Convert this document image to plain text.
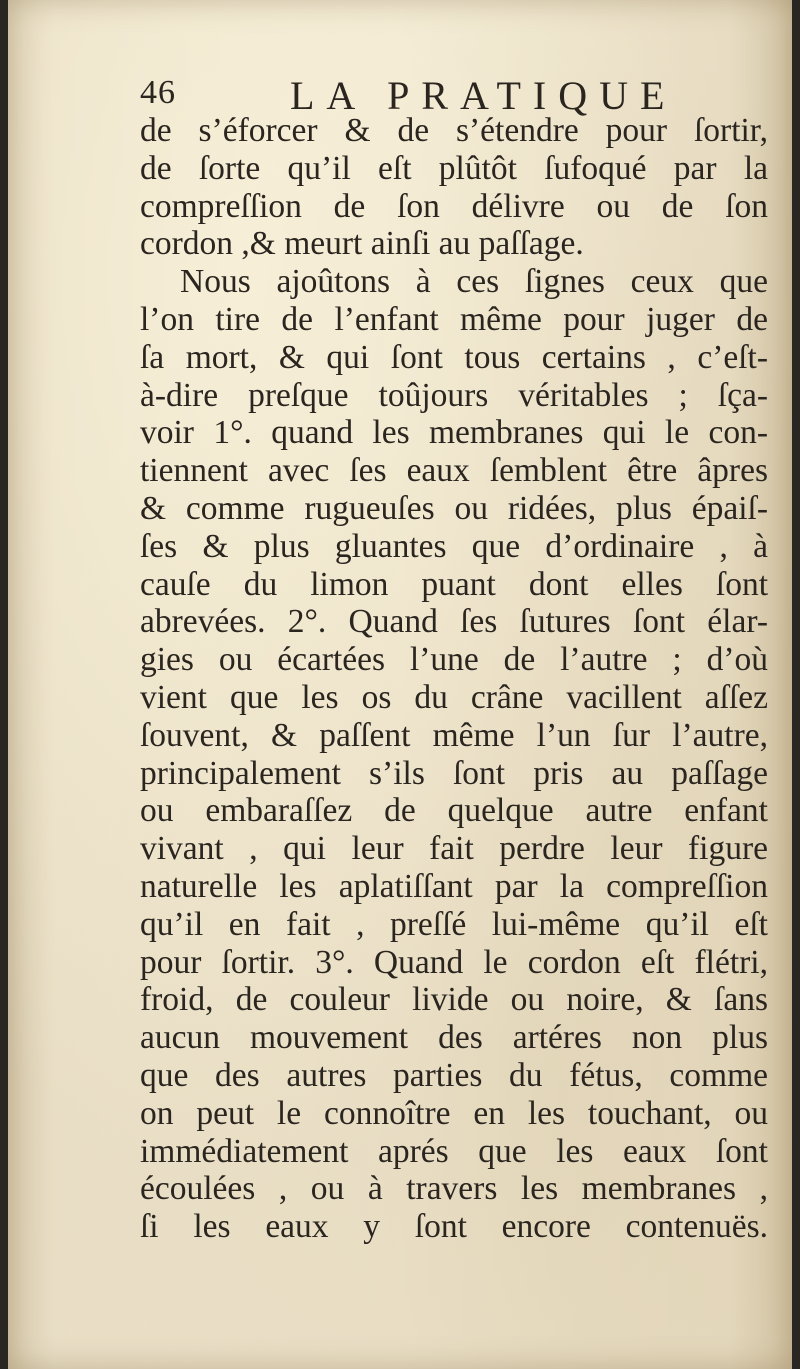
46	LA PRATIQUE
de s’éforcer & de s’étendre pour ſortir,
de ſorte qu’il eſt plûtôt ſufoqué par la
compreſſion de ſon délivre ou de ſon
cordon ,& meurt ainſi au paſſage.
Nous ajoûtons à ces ſignes ceux que
l’on tire de l’enfant même pour juger de
ſa mort, & qui ſont tous certains , c’eſt-
à-dire preſque toûjours véritables ; ſça-
voir 1°. quand les membranes qui le con-
tiennent avec ſes eaux ſemblent être âpres
& comme rugueuſes ou ridées, plus épaiſ-
ſes & plus gluantes que d’ordinaire , à
cauſe du limon puant dont elles ſont
abrevées. 2°. Quand ſes ſutures ſont élar-
gies ou écartées l’une de l’autre ; d’où
vient que les os du crâne vacillent aſſez
ſouvent, & paſſent même l’un ſur l’autre,
principalement s’ils ſont pris au paſſage
ou embaraſſez de quelque autre enfant
vivant , qui leur fait perdre leur figure
naturelle les aplatiſſant par la compreſſion
qu’il en fait , preſſé lui-même qu’il eſt
pour ſortir. 3°. Quand le cordon eſt flétri,
froid, de couleur livide ou noire, & ſans
aucun mouvement des artéres non plus
que des autres parties du fétus, comme
on peut le connoître en les touchant, ou
immédiatement aprés que les eaux ſont
écoulées , ou à travers les membranes ,
ſi les eaux y ſont encore contenuës.
